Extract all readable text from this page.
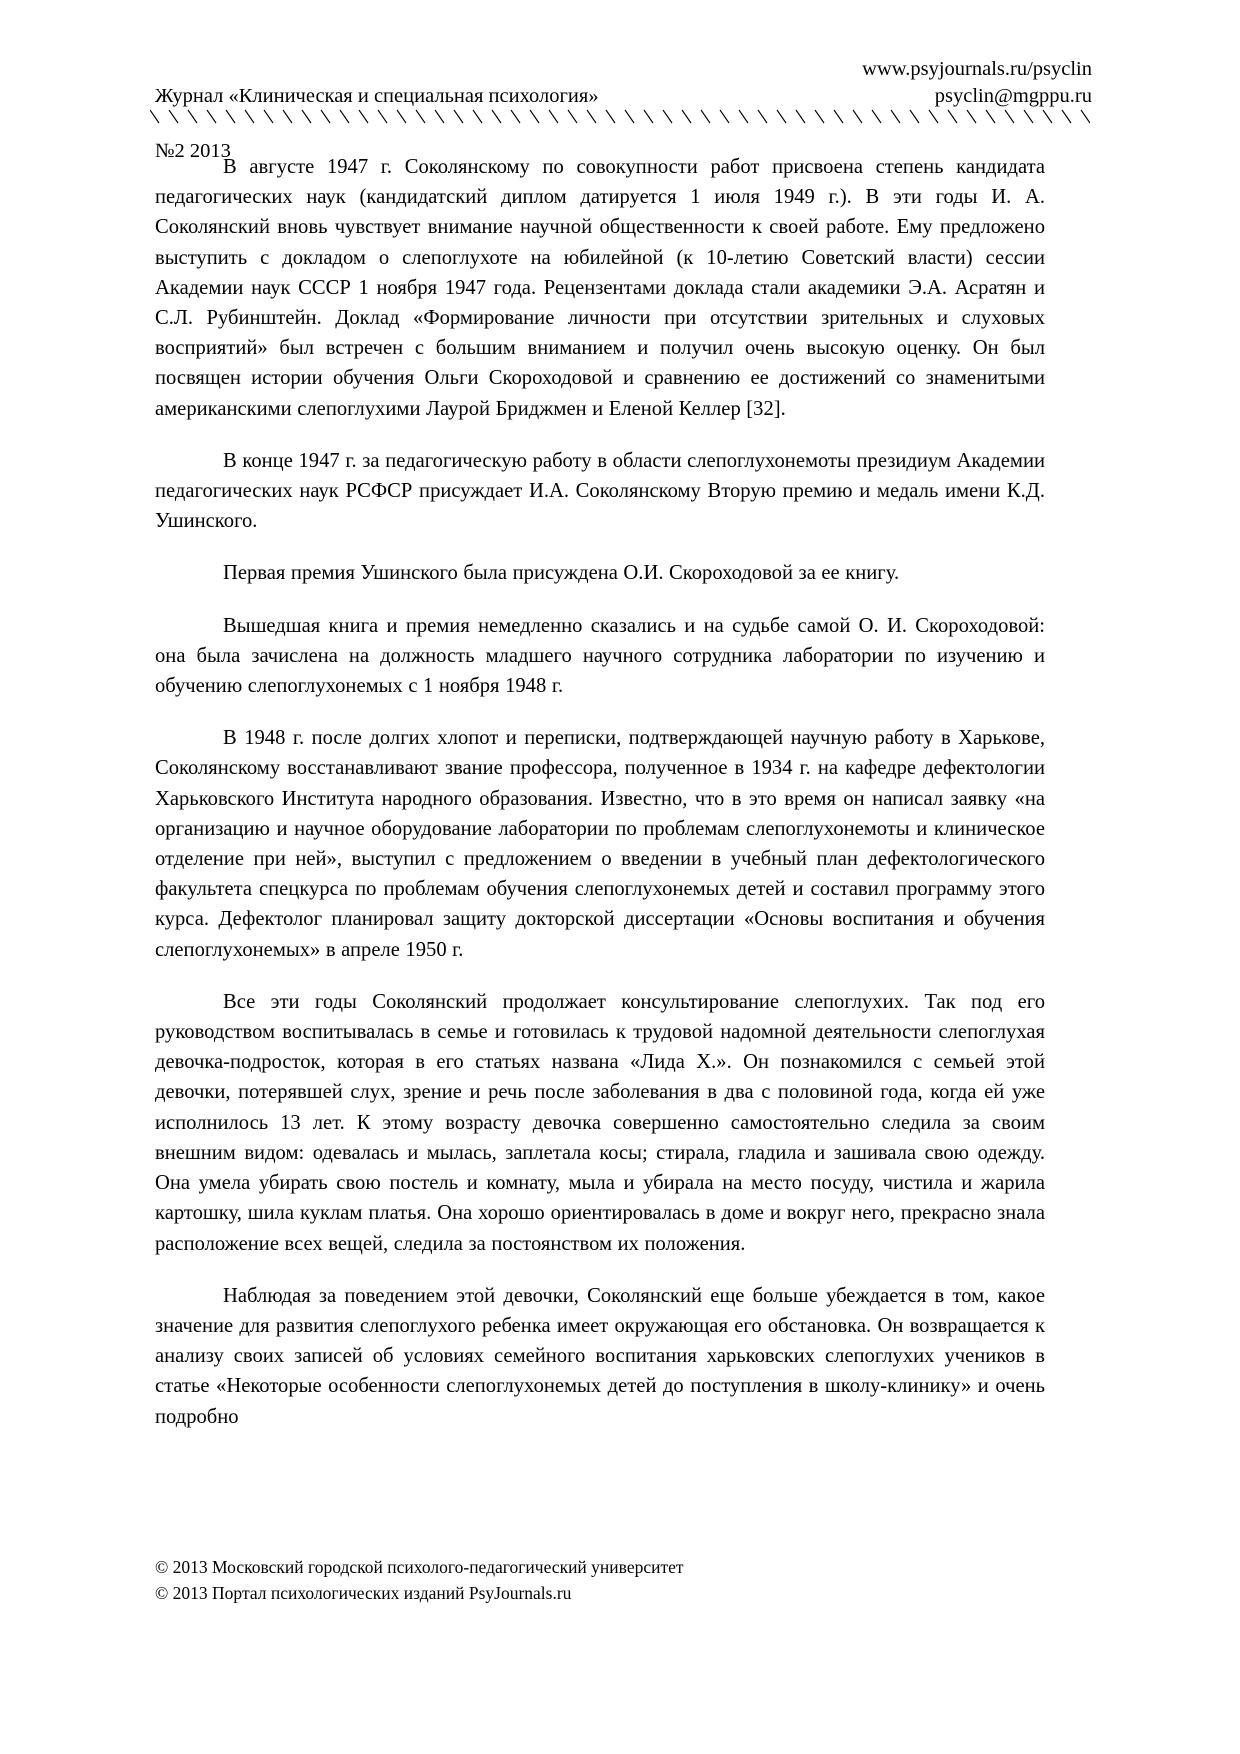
Журнал «Клиническая и специальная психология»

№2 2013

www.psyjournals.ru/psyclin
psyclin@mgppu.ru

В августе 1947 г. Соколянскому по совокупности работ присвоена степень кандидата педагогических наук (кандидатский диплом датируется 1 июля 1949 г.). В эти годы И. А. Соколянский вновь чувствует внимание научной общественности к своей работе. Ему предложено выступить с докладом о слепоглухоте на юбилейной (к 10-летию Советский власти) сессии Академии наук СССР 1 ноября 1947 года. Рецензентами доклада стали академики Э.А. Асратян и С.Л. Рубинштейн. Доклад «Формирование личности при отсутствии зрительных и слуховых восприятий» был встречен с большим вниманием и получил очень высокую оценку. Он был посвящен истории обучения Ольги Скороходовой и сравнению ее достижений со знаменитыми американскими слепоглухими Лаурой Бриджмен и Еленой Келлер [32].

В конце 1947 г. за педагогическую работу в области слепоглухонемоты президиум Академии педагогических наук РСФСР присуждает И.А. Соколянскому Вторую премию и медаль имени К.Д. Ушинского.

Первая премия Ушинского была присуждена О.И. Скороходовой за ее книгу.

Вышедшая книга и премия немедленно сказались и на судьбе самой О. И. Скороходовой: она была зачислена на должность младшего научного сотрудника лаборатории по изучению и обучению слепоглухонемых с 1 ноября 1948 г.

В 1948 г. после долгих хлопот и переписки, подтверждающей научную работу в Харькове, Соколянскому восстанавливают звание профессора, полученное в 1934 г. на кафедре дефектологии Харьковского Института народного образования. Известно, что в это время он написал заявку «на организацию и научное оборудование лаборатории по проблемам слепоглухонемоты и клиническое отделение при ней», выступил с предложением о введении в учебный план дефектологического факультета спецкурса по проблемам обучения слепоглухонемых детей и составил программу этого курса. Дефектолог планировал защиту докторской диссертации «Основы воспитания и обучения слепоглухонемых» в апреле 1950 г.

Все эти годы Соколянский продолжает консультирование слепоглухих. Так под его руководством воспитывалась в семье и готовилась к трудовой надомной деятельности слепоглухая девочка-подросток, которая в его статьях названа «Лида Х.». Он познакомился с семьей этой девочки, потерявшей слух, зрение и речь после заболевания в два с половиной года, когда ей уже исполнилось 13 лет. К этому возрасту девочка совершенно самостоятельно следила за своим внешним видом: одевалась и мылась, заплетала косы; стирала, гладила и зашивала свою одежду. Она умела убирать свою постель и комнату, мыла и убирала на место посуду, чистила и жарила картошку, шила куклам платья. Она хорошо ориентировалась в доме и вокруг него, прекрасно знала расположение всех вещей, следила за постоянством их положения.

Наблюдая за поведением этой девочки, Соколянский еще больше убеждается в том, какое значение для развития слепоглухого ребенка имеет окружающая его обстановка. Он возвращается к анализу своих записей об условиях семейного воспитания харьковских слепоглухих учеников в статье «Некоторые особенности слепоглухонемых детей до поступления в школу-клинику» и очень подробно

© 2013 Московский городской психолого-педагогический университет
© 2013 Портал психологических изданий PsyJournals.ru
